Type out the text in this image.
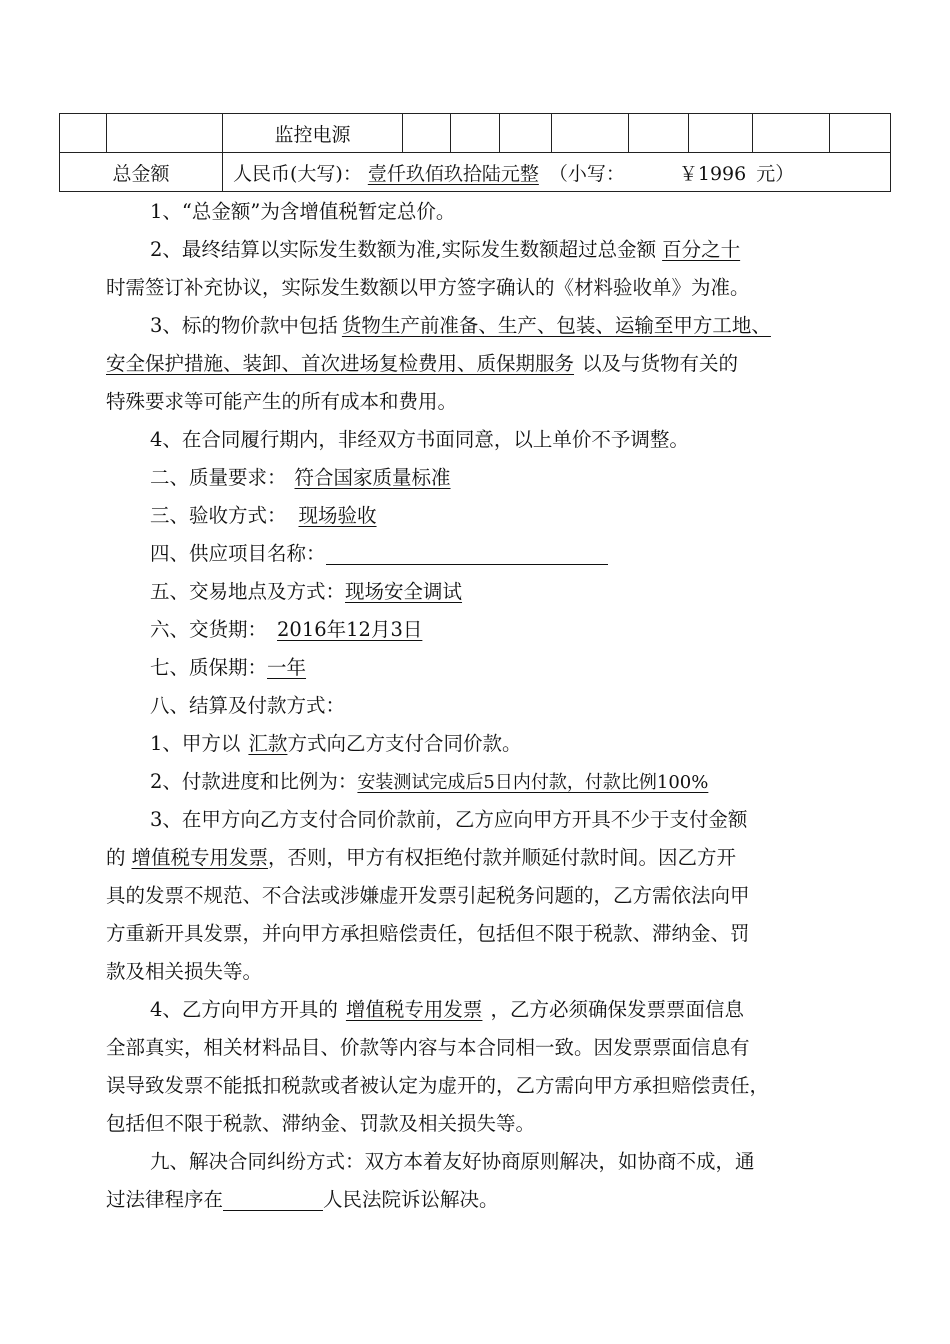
		监控电源								
总金额		人民币(大写)： 壹仟玖佰玖拾陆元整 （小写： ￥1996 元）								
1、“总金额”为含增值税暂定总价。
2、最终结算以实际发生数额为准,实际发生数额超过总金额 百分之十
时需签订补充协议，实际发生数额以甲方签字确认的《材料验收单》为准。
3、标的物价款中包括 货物生产前准备、生产、包装、运输至甲方工地、
安全保护措施、装卸、首次进场复检费用、质保期服务 以及与货物有关的
特殊要求等可能产生的所有成本和费用。
4、在合同履行期内，非经双方书面同意，以上单价不予调整。
二、质量要求： 符合国家质量标准
三、验收方式： 现场验收
四、供应项目名称：
五、交易地点及方式：现场安全调试
六、交货期： 2016年12月3日
七、质保期：一年
八、结算及付款方式：
1、甲方以 汇款方式向乙方支付合同价款。
2、付款进度和比例为：安装测试完成后5日内付款，付款比例100%
3、在甲方向乙方支付合同价款前，乙方应向甲方开具不少于支付金额
的 增值税专用发票，否则，甲方有权拒绝付款并顺延付款时间。因乙方开
具的发票不规范、不合法或涉嫌虚开发票引起税务问题的，乙方需依法向甲
方重新开具发票，并向甲方承担赔偿责任，包括但不限于税款、滞纳金、罚
款及相关损失等。
4、乙方向甲方开具的 增值税专用发票 ，乙方必须确保发票票面信息
全部真实，相关材料品目、价款等内容与本合同相一致。因发票票面信息有
误导致发票不能抵扣税款或者被认定为虚开的，乙方需向甲方承担赔偿责任，
包括但不限于税款、滞纳金、罚款及相关损失等。
九、解决合同纠纷方式：双方本着友好协商原则解决，如协商不成，通
过法律程序在	人民法院诉讼解决。
